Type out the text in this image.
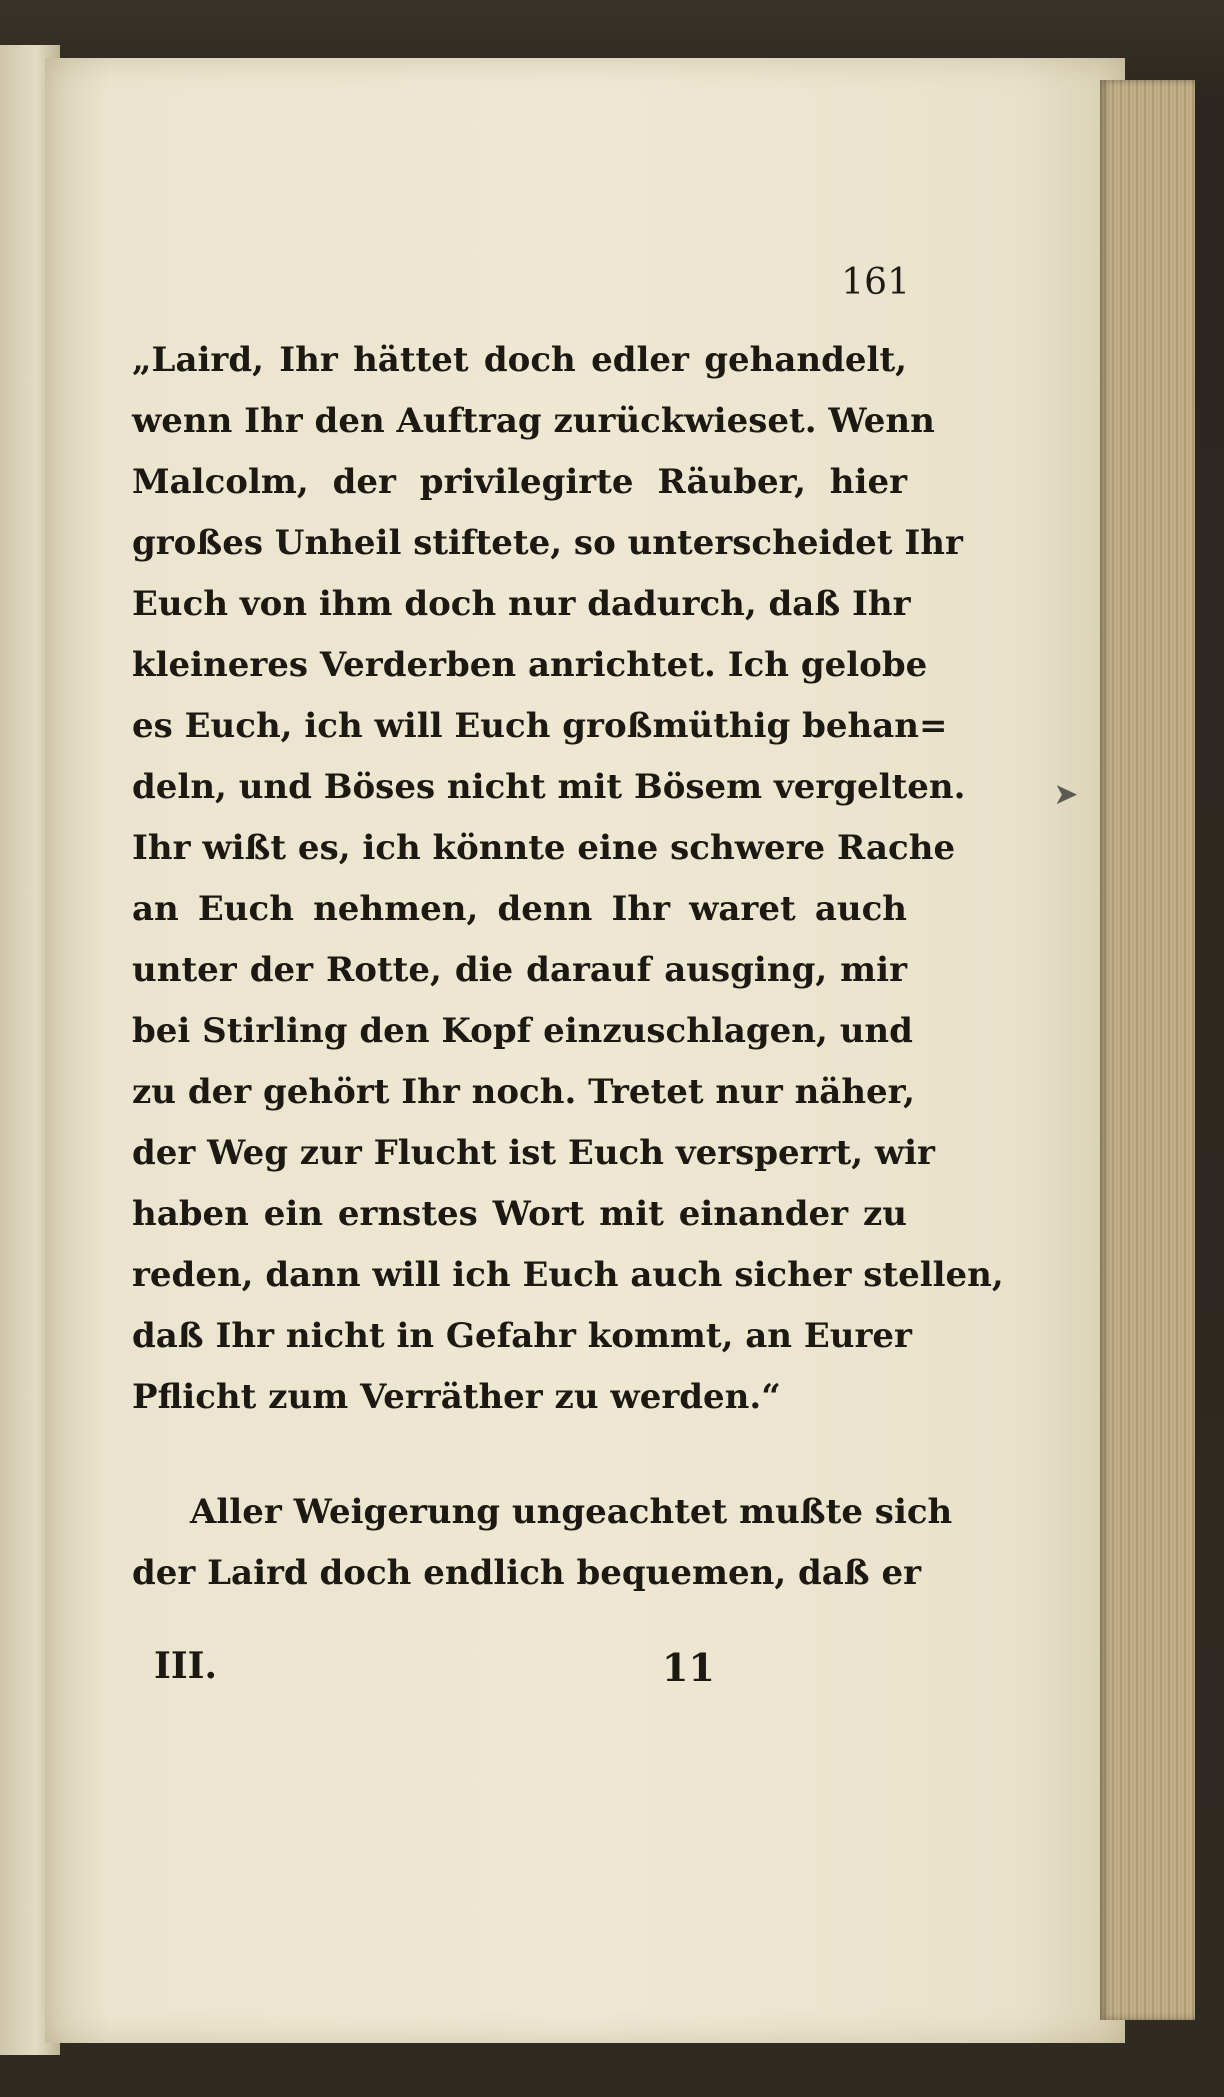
➤
161
„Laird, Ihr hättet doch edler gehandelt,
wenn Ihr den Auftrag zurückwieset. Wenn
Malcolm, der privilegirte Räuber, hier
großes Unheil stiftete, so unterscheidet Ihr
Euch von ihm doch nur dadurch, daß Ihr
kleineres Verderben anrichtet. Ich gelobe
es Euch, ich will Euch großmüthig behan=
deln, und Böses nicht mit Bösem vergelten.
Ihr wißt es, ich könnte eine schwere Rache
an Euch nehmen, denn Ihr waret auch
unter der Rotte, die darauf ausging, mir
bei Stirling den Kopf einzuschlagen, und
zu der gehört Ihr noch. Tretet nur näher,
der Weg zur Flucht ist Euch versperrt, wir
haben ein ernstes Wort mit einander zu
reden, dann will ich Euch auch sicher stellen,
daß Ihr nicht in Gefahr kommt, an Eurer
Pflicht zum Verräther zu werden.“
Aller Weigerung ungeachtet mußte sich
der Laird doch endlich bequemen, daß er
III.	11
